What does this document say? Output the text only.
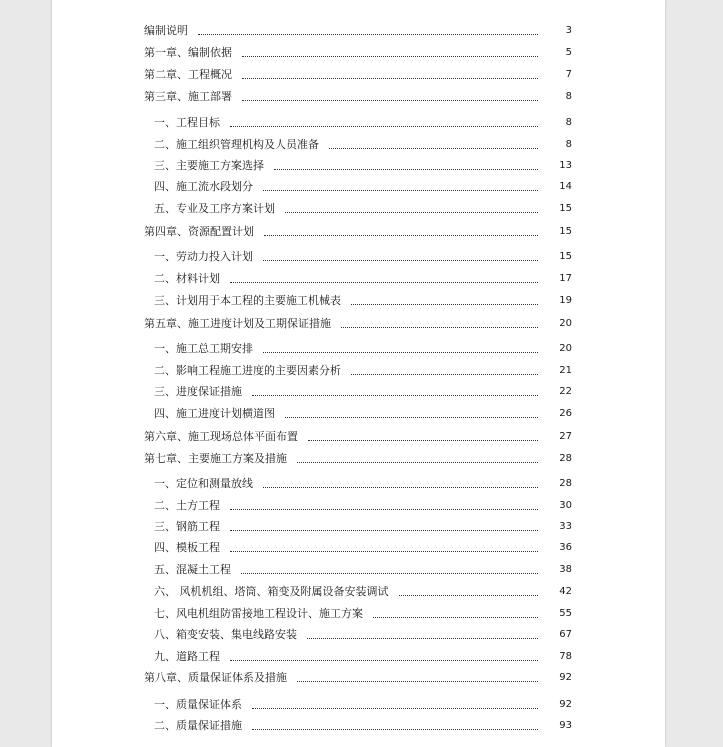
编制说明	3
第一章、编制依据	5
第二章、工程概况	7
第三章、施工部署	8
一、工程目标	8
二、施工组织管理机构及人员准备	8
三、主要施工方案选择	13
四、施工流水段划分	14
五、专业及工序方案计划	15
第四章、资源配置计划	15
一、劳动力投入计划	15
二、材料计划	17
三、计划用于本工程的主要施工机械表	19
第五章、施工进度计划及工期保证措施	20
一、施工总工期安排	20
二、影响工程施工进度的主要因素分析	21
三、进度保证措施	22
四、施工进度计划横道图	26
第六章、施工现场总体平面布置	27
第七章、主要施工方案及措施	28
一、定位和测量放线	28
二、土方工程	30
三、钢筋工程	33
四、模板工程	36
五、混凝土工程	38
六、 风机机组、塔筒、箱变及附属设备安装调试	42
七、风电机组防雷接地工程设计、施工方案	55
八、箱变安装、集电线路安装	67
九、道路工程	78
第八章、质量保证体系及措施	92
一、质量保证体系	92
二、质量保证措施	93
